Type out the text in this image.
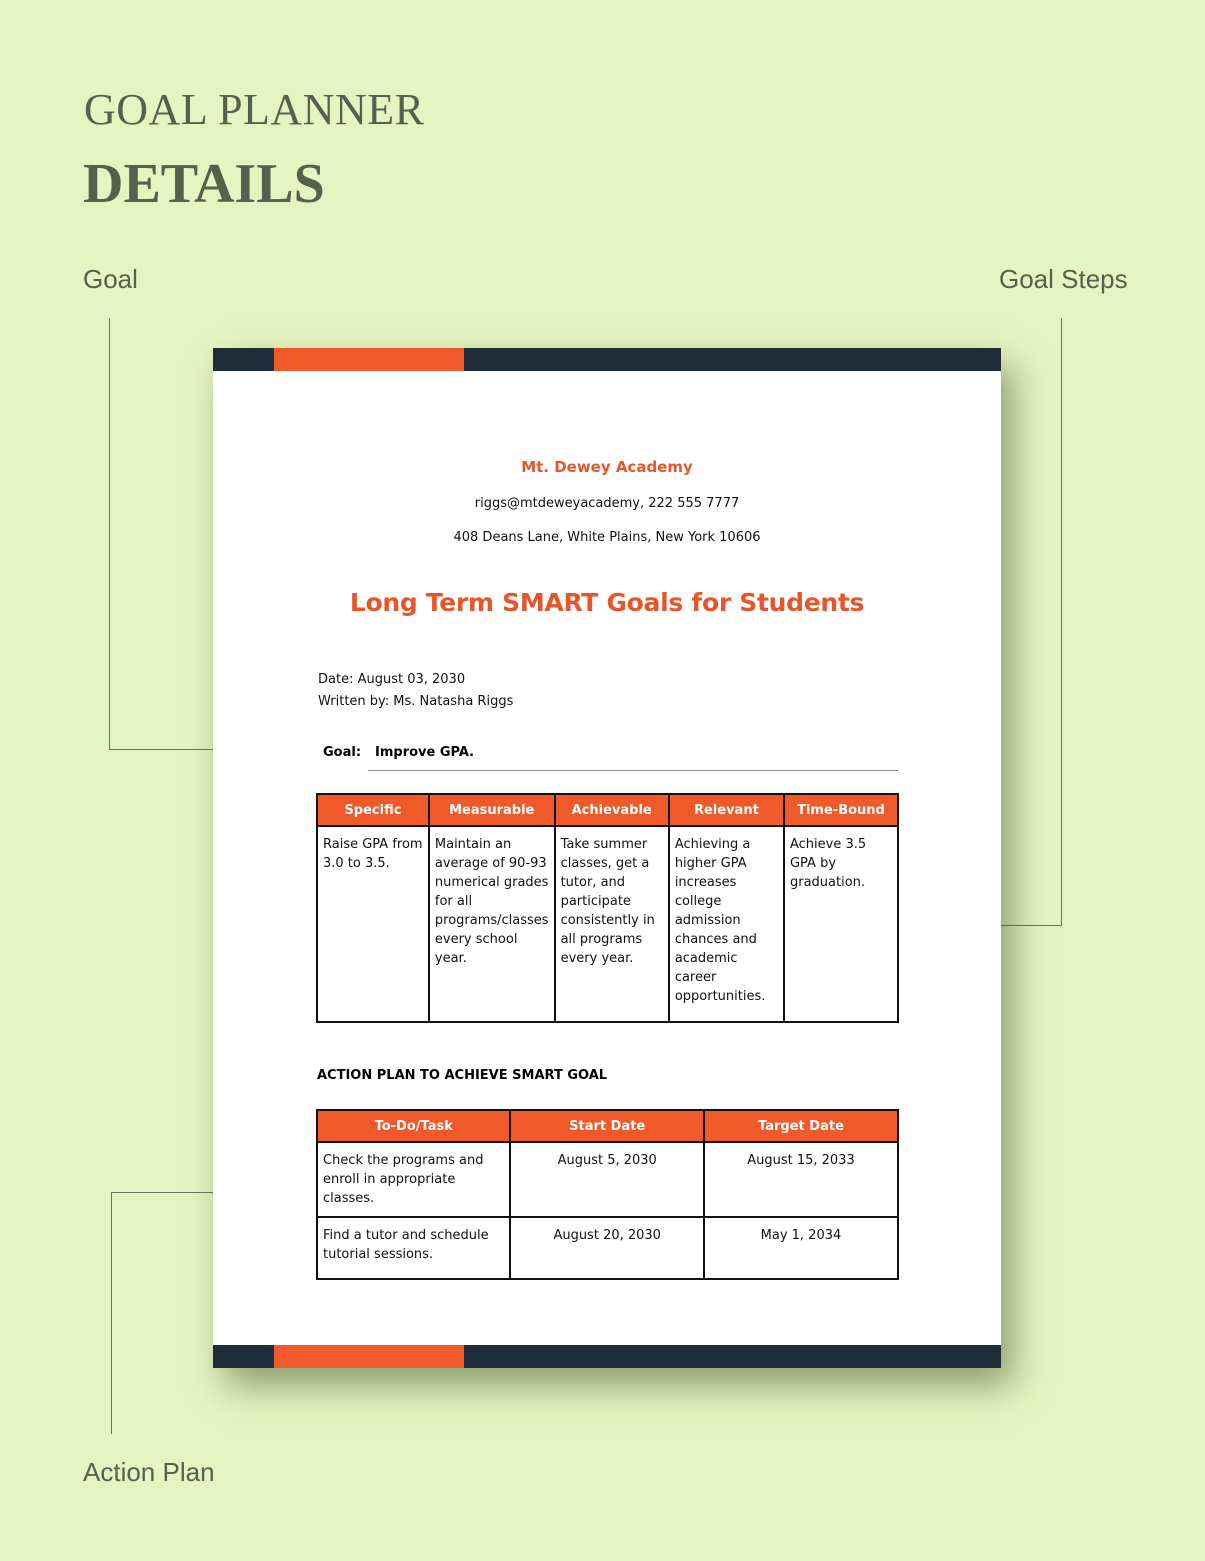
GOAL PLANNER
DETAILS
Goal	Goal Steps
Action Plan
Mt. Dewey Academy
riggs@mtdeweyacademy, 222 555 7777
408 Deans Lane, White Plains, New York 10606
Long Term SMART Goals for Students
Date: August 03, 2030
Written by: Ms. Natasha Riggs
Goal: Improve GPA.
Specific	Measurable	Achievable	Relevant	Time-Bound
Raise GPA from 3.0 to 3.5.	Maintain an average of 90-93 numerical grades for all programs/classes every school year.	Take summer classes, get a tutor, and participate consistently in all programs every year.	Achieving a higher GPA increases college admission chances and academic career opportunities.	Achieve 3.5 GPA by graduation.
ACTION PLAN TO ACHIEVE SMART GOAL
To-Do/Task	Start Date	Target Date
Check the programs and enroll in appropriate classes.	August 5, 2030	August 15, 2033
Find a tutor and schedule tutorial sessions.	August 20, 2030	May 1, 2034
